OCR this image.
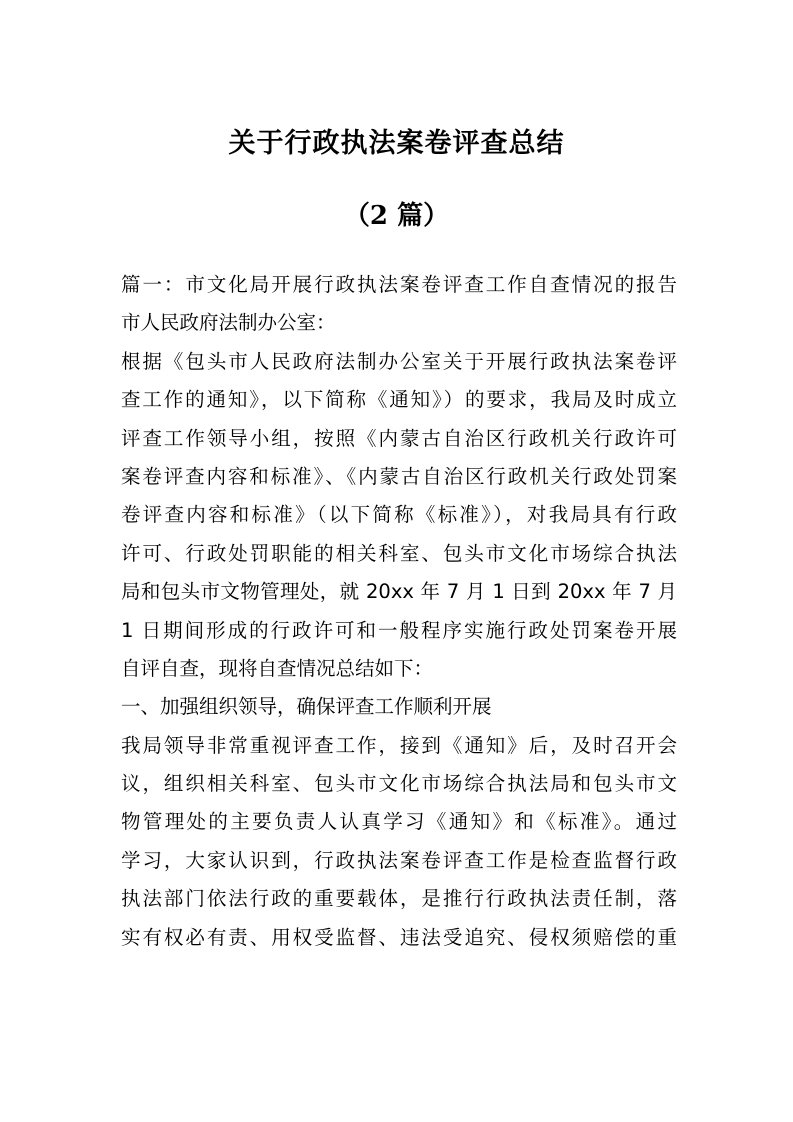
关于行政执法案卷评查总结
（2 篇）
篇一：市文化局开展行政执法案卷评查工作自查情况的报告
市人民政府法制办公室：
根据《包头市人民政府法制办公室关于开展行政执法案卷评
查工作的通知》，以下简称《通知》）的要求，我局及时成立
评查工作领导小组，按照《内蒙古自治区行政机关行政许可
案卷评查内容和标准》、《内蒙古自治区行政机关行政处罚案
卷评查内容和标准》（以下简称《标准》），对我局具有行政
许可、行政处罚职能的相关科室、包头市文化市场综合执法
局和包头市文物管理处，就 20xx 年 7 月 1 日到 20xx 年 7 月
1 日期间形成的行政许可和一般程序实施行政处罚案卷开展
自评自查，现将自查情况总结如下：
一、加强组织领导，确保评查工作顺利开展
我局领导非常重视评查工作，接到《通知》后，及时召开会
议，组织相关科室、包头市文化市场综合执法局和包头市文
物管理处的主要负责人认真学习《通知》和《标准》。通过
学习，大家认识到，行政执法案卷评查工作是检查监督行政
执法部门依法行政的重要载体，是推行行政执法责任制，落
实有权必有责、用权受监督、违法受追究、侵权须赔偿的重
